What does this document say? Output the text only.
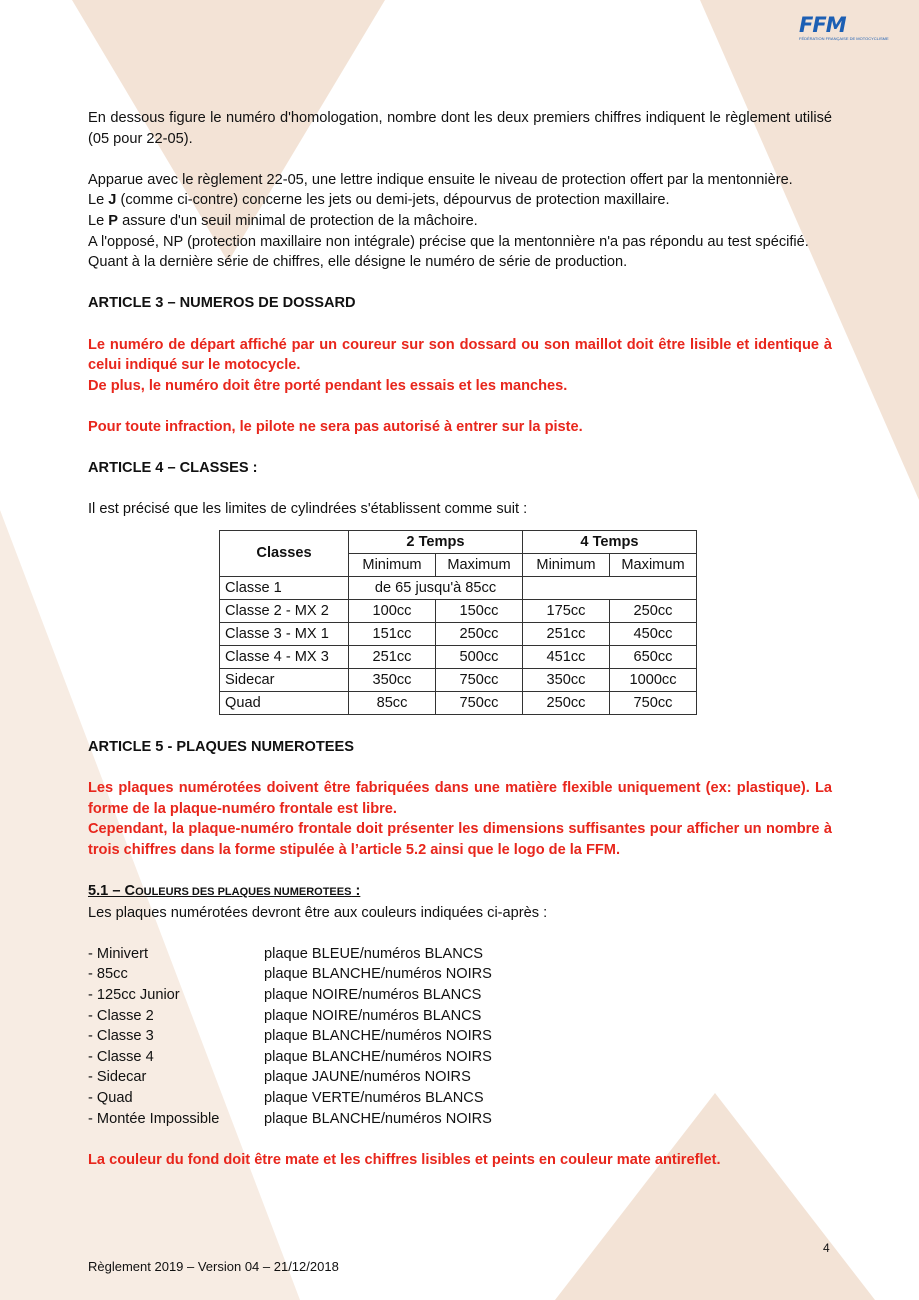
FFM
FÉDÉRATION FRANÇAISE DE MOTOCYCLISME

En dessous figure le numéro d'homologation, nombre dont les deux premiers chiffres indiquent le règlement utilisé (05 pour 22-05).

Apparue avec le règlement 22-05, une lettre indique ensuite le niveau de protection offert par la mentonnière.

Le J (comme ci-contre) concerne les jets ou demi-jets, dépourvus de protection maxillaire.

Le P assure d'un seuil minimal de protection de la mâchoire.

A l'opposé, NP (protection maxillaire non intégrale) précise que la mentonnière n'a pas répondu au test spécifié.

Quant à la dernière série de chiffres, elle désigne le numéro de série de production.

ARTICLE 3 – NUMEROS DE DOSSARD

Le numéro de départ affiché par un coureur sur son dossard ou son maillot doit être lisible et identique à celui indiqué sur le motocycle.

De plus, le numéro doit être porté pendant les essais et les manches.

Pour toute infraction, le pilote ne sera pas autorisé à entrer sur la piste.

ARTICLE 4 – CLASSES :

Il est précisé que les limites de cylindrées s'établissent comme suit :

Classes	2 Temps		4 Temps	
	Minimum	Maximum	Minimum	Maximum
Classe 1	de 65 jusqu'à 85cc			
Classe 2 - MX 2	100cc	150cc	175cc	250cc
Classe 3 - MX 1	151cc	250cc	251cc	450cc
Classe 4 - MX 3	251cc	500cc	451cc	650cc
Sidecar	350cc	750cc	350cc	1000cc
Quad	85cc	750cc	250cc	750cc

ARTICLE 5 - PLAQUES NUMEROTEES

Les plaques numérotées doivent être fabriquées dans une matière flexible uniquement (ex: plastique). La forme de la plaque-numéro frontale est libre.

Cependant, la plaque-numéro frontale doit présenter les dimensions suffisantes pour afficher un nombre à trois chiffres dans la forme stipulée à l’article 5.2 ainsi que le logo de la FFM.

5.1 – COULEURS DES PLAQUES NUMEROTEES :

Les plaques numérotées devront être aux couleurs indiquées ci-après :

- Minivert	plaque BLEUE/numéros BLANCS
- 85cc	plaque BLANCHE/numéros NOIRS
- 125cc Junior	plaque NOIRE/numéros BLANCS
- Classe 2	plaque NOIRE/numéros BLANCS
- Classe 3	plaque BLANCHE/numéros NOIRS
- Classe 4	plaque BLANCHE/numéros NOIRS
- Sidecar	plaque JAUNE/numéros NOIRS
- Quad	plaque VERTE/numéros BLANCS
- Montée Impossible	plaque BLANCHE/numéros NOIRS

La couleur du fond doit être mate et les chiffres lisibles et peints en couleur mate antireflet.

4
Règlement 2019 – Version 04 – 21/12/2018
